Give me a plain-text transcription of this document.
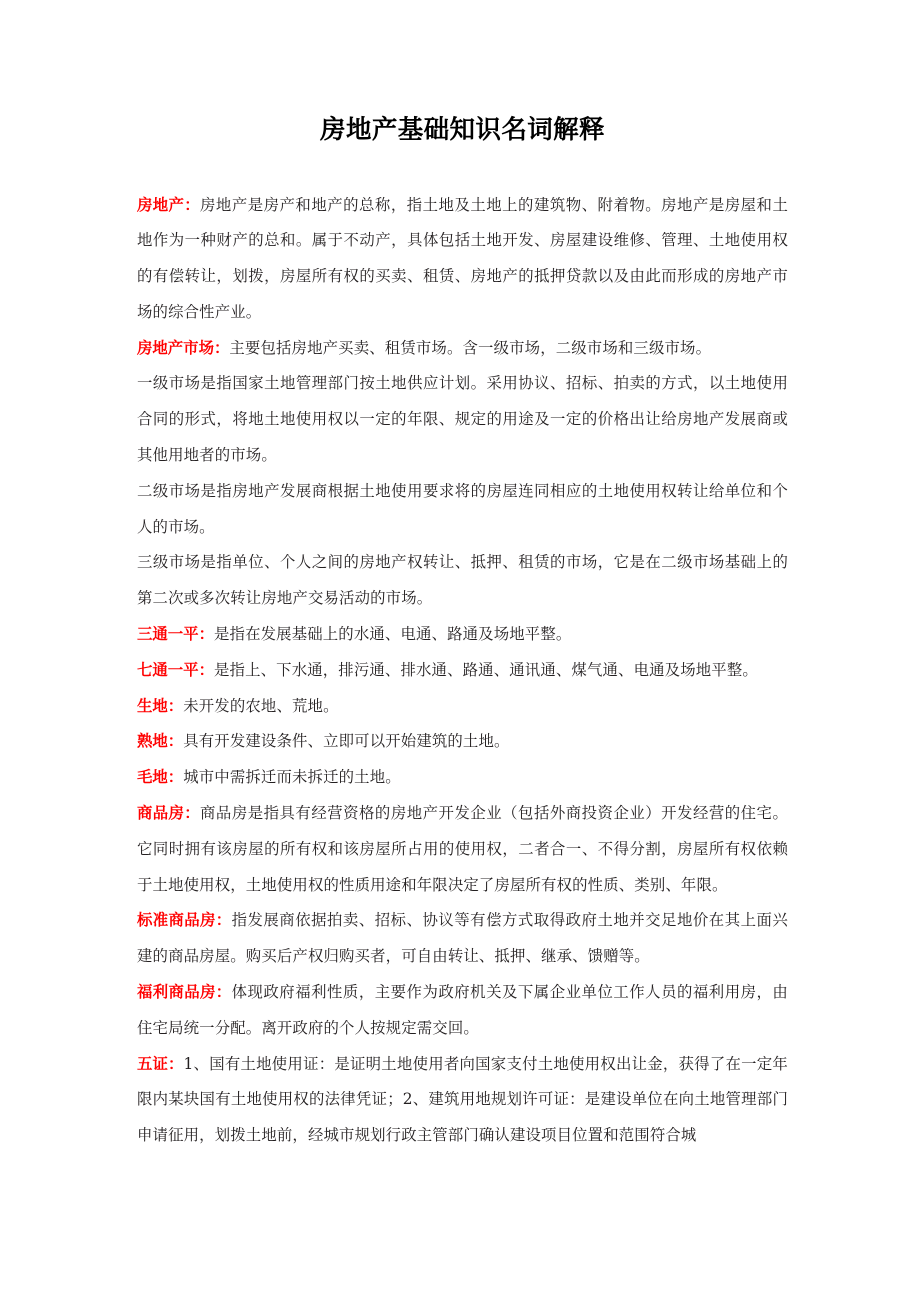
房地产基础知识名词解释

房地产：房地产是房产和地产的总称，指土地及土地上的建筑物、附着物。房地产是房屋和土地作为一种财产的总和。属于不动产，具体包括土地开发、房屋建设维修、管理、土地使用权的有偿转让，划拨，房屋所有权的买卖、租赁、房地产的抵押贷款以及由此而形成的房地产市场的综合性产业。

房地产市场：主要包括房地产买卖、租赁市场。含一级市场，二级市场和三级市场。

一级市场是指国家土地管理部门按土地供应计划。采用协议、招标、拍卖的方式，以土地使用合同的形式，将地土地使用权以一定的年限、规定的用途及一定的价格出让给房地产发展商或其他用地者的市场。

二级市场是指房地产发展商根据土地使用要求将的房屋连同相应的土地使用权转让给单位和个人的市场。

三级市场是指单位、个人之间的房地产权转让、抵押、租赁的市场，它是在二级市场基础上的第二次或多次转让房地产交易活动的市场。

三通一平：是指在发展基础上的水通、电通、路通及场地平整。

七通一平：是指上、下水通，排污通、排水通、路通、通讯通、煤气通、电通及场地平整。

生地：未开发的农地、荒地。

熟地：具有开发建设条件、立即可以开始建筑的土地。

毛地：城市中需拆迁而未拆迁的土地。

商品房：商品房是指具有经营资格的房地产开发企业（包括外商投资企业）开发经营的住宅。它同时拥有该房屋的所有权和该房屋所占用的使用权，二者合一、不得分割，房屋所有权依赖于土地使用权，土地使用权的性质用途和年限决定了房屋所有权的性质、类别、年限。

标准商品房：指发展商依据拍卖、招标、协议等有偿方式取得政府土地并交足地价在其上面兴建的商品房屋。购买后产权归购买者，可自由转让、抵押、继承、馈赠等。

福利商品房：体现政府福利性质，主要作为政府机关及下属企业单位工作人员的福利用房，由住宅局统一分配。离开政府的个人按规定需交回。

五证：1、国有土地使用证：是证明土地使用者向国家支付土地使用权出让金，获得了在一定年限内某块国有土地使用权的法律凭证；2、建筑用地规划许可证：是建设单位在向土地管理部门申请征用，划拨土地前，经城市规划行政主管部门确认建设项目位置和范围符合城
